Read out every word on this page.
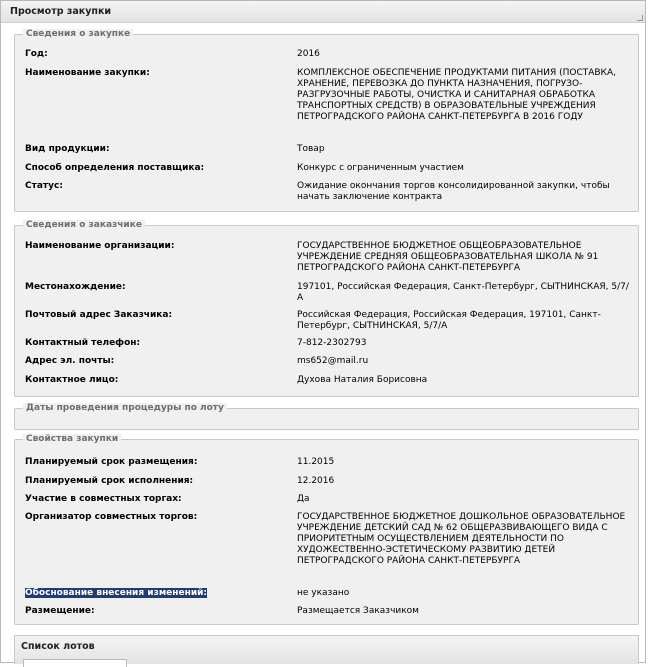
Просмотр закупки
Сведения о закупке
Год:	2016
Наименование закупки:	КОМПЛЕКСНОЕ ОБЕСПЕЧЕНИЕ ПРОДУКТАМИ ПИТАНИЯ (ПОСТАВКА, ХРАНЕНИЕ, ПЕРЕВОЗКА ДО ПУНКТА НАЗНАЧЕНИЯ, ПОГРУЗО-РАЗГРУЗОЧНЫЕ РАБОТЫ, ОЧИСТКА И САНИТАРНАЯ ОБРАБОТКА ТРАНСПОРТНЫХ СРЕДСТВ) В ОБРАЗОВАТЕЛЬНЫЕ УЧРЕЖДЕНИЯ ПЕТРОГРАДСКОГО РАЙОНА САНКТ-ПЕТЕРБУРГА В 2016 ГОДУ
Вид продукции:	Товар
Способ определения поставщика:	Конкурс с ограниченным участием
Статус:	Ожидание окончания торгов консолидированной закупки, чтобы начать заключение контракта
Сведения о заказчике
Наименование организации:	ГОСУДАРСТВЕННОЕ БЮДЖЕТНОЕ ОБЩЕОБРАЗОВАТЕЛЬНОЕ УЧРЕЖДЕНИЕ СРЕДНЯЯ ОБЩЕОБРАЗОВАТЕЛЬНАЯ ШКОЛА № 91 ПЕТРОГРАДСКОГО РАЙОНА САНКТ-ПЕТЕРБУРГА
Местонахождение:	197101, Российская Федерация, Санкт-Петербург, СЫТНИНСКАЯ, 5/7/А
Почтовый адрес Заказчика:	Российская Федерация, Российская Федерация, 197101, Санкт-Петербург, СЫТНИНСКАЯ, 5/7/А
Контактный телефон:	7-812-2302793
Адрес эл. почты:	ms652@mail.ru
Контактное лицо:	Духова Наталия Борисовна
Даты проведения процедуры по лоту
Свойства закупки
Планируемый срок размещения:	11.2015
Планируемый срок исполнения:	12.2016
Участие в совместных торгах:	Да
Организатор совместных торгов:	ГОСУДАРСТВЕННОЕ БЮДЖЕТНОЕ ДОШКОЛЬНОЕ ОБРАЗОВАТЕЛЬНОЕ УЧРЕЖДЕНИЕ ДЕТСКИЙ САД № 62 ОБЩЕРАЗВИВАЮЩЕГО ВИДА С ПРИОРИТЕТНЫМ ОСУЩЕСТВЛЕНИЕМ ДЕЯТЕЛЬНОСТИ ПО ХУДОЖЕСТВЕННО-ЭСТЕТИЧЕСКОМУ РАЗВИТИЮ ДЕТЕЙ ПЕТРОГРАДСКОГО РАЙОНА САНКТ-ПЕТЕРБУРГА
Обоснование внесения изменений:	не указано
Размещение:	Размещается Заказчиком
Список лотов
